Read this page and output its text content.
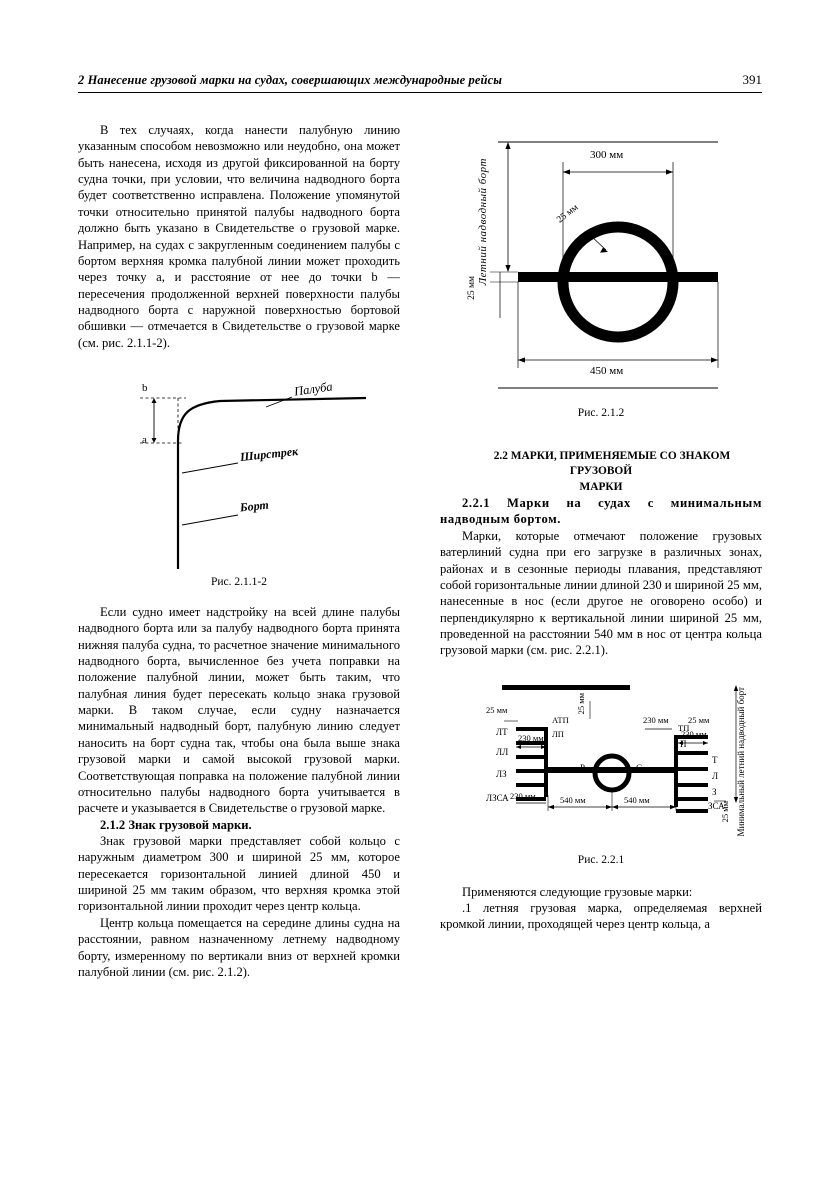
2 Нанесение грузовой марки на судах, совершающих международные рейсы	391

В тех случаях, когда нанести палубную линию указанным способом невозможно или неудобно, она может быть нанесена, исходя из другой фиксированной на борту судна точки, при условии, что величина надводного борта будет соответственно исправлена. Положение упомянутой точки относительно принятой палубы надводного борта должно быть указано в Свидетельстве о грузовой марке. Например, на судах с закругленным соединением палубы с бортом верхняя кромка палубной линии может проходить через точку a, и расстояние от нее до точки b — пересечения продолженной верхней поверхности палубы надводного борта с наружной поверхностью бортовой обшивки — отмечается в Свидетельстве о грузовой марке (см. рис. 2.1.1-2).

b
a
Палуба
Ширстрек
Борт
Рис. 2.1.1-2

Если судно имеет надстройку на всей длине палубы надводного борта или за палубу надводного борта принята нижняя палуба судна, то расчетное значение минимального надводного борта, вычисленное без учета поправки на положение палубной линии, может быть таким, что палубная линия будет пересекать кольцо знака грузовой марки. В таком случае, если судну назначается минимальный надводный борт, палубную линию следует наносить на борт судна так, чтобы она была выше знака грузовой марки и самой высокой грузовой марки. Соответствующая поправка на положение палубной линии относительно палубы надводного борта учитывается в расчете и указывается в Свидетельстве о грузовой марке.

2.1.2 Знак грузовой марки.

Знак грузовой марки представляет собой кольцо с наружным диаметром 300 и шириной 25 мм, которое пересекается горизонтальной линией длиной 450 и шириной 25 мм таким образом, что верхняя кромка этой горизонтальной линии проходит через центр кольца.

Центр кольца помещается на середине длины судна на расстоянии, равном назначенному летнему надводному борту, измеренному по вертикали вниз от верхней кромки палубной линии (см. рис. 2.1.2).

300 мм
25 мм
450 мм
25 мм
Летний надводный борт
Рис. 2.1.2

2.2 МАРКИ, ПРИМЕНЯЕМЫЕ СО ЗНАКОМ ГРУЗОВОЙ
МАРКИ

2.2.1 Марки на судах с минимальным надводным бортом.

Марки, которые отмечают положение грузовых ватерлиний судна при его загрузке в различных зонах, районах и в сезонные периоды плавания, представляют собой горизонтальные линии длиной 230 и шириной 25 мм, нанесенные в нос (если другое не оговорено особо) и перпендикулярно к вертикальной линии шириной 25 мм, проведенной на расстоянии 540 мм в нос от центра кольца грузовой марки (см. рис. 2.2.1).

25 мм	25 мм
АТП
ЛП
ЛТ
ЛЛ
ЛЗ
ЛЗСА
230 мм
230 мм
230 мм 25 мм
ТП
230 мм
П
Т
Л
З
ЗСА
Р	С
540 мм	540 мм
25 мм Минимальный летний надводный борт
Рис. 2.2.1

Применяются следующие грузовые марки:

.1 летняя грузовая марка, определяемая верхней кромкой линии, проходящей через центр кольца, а
